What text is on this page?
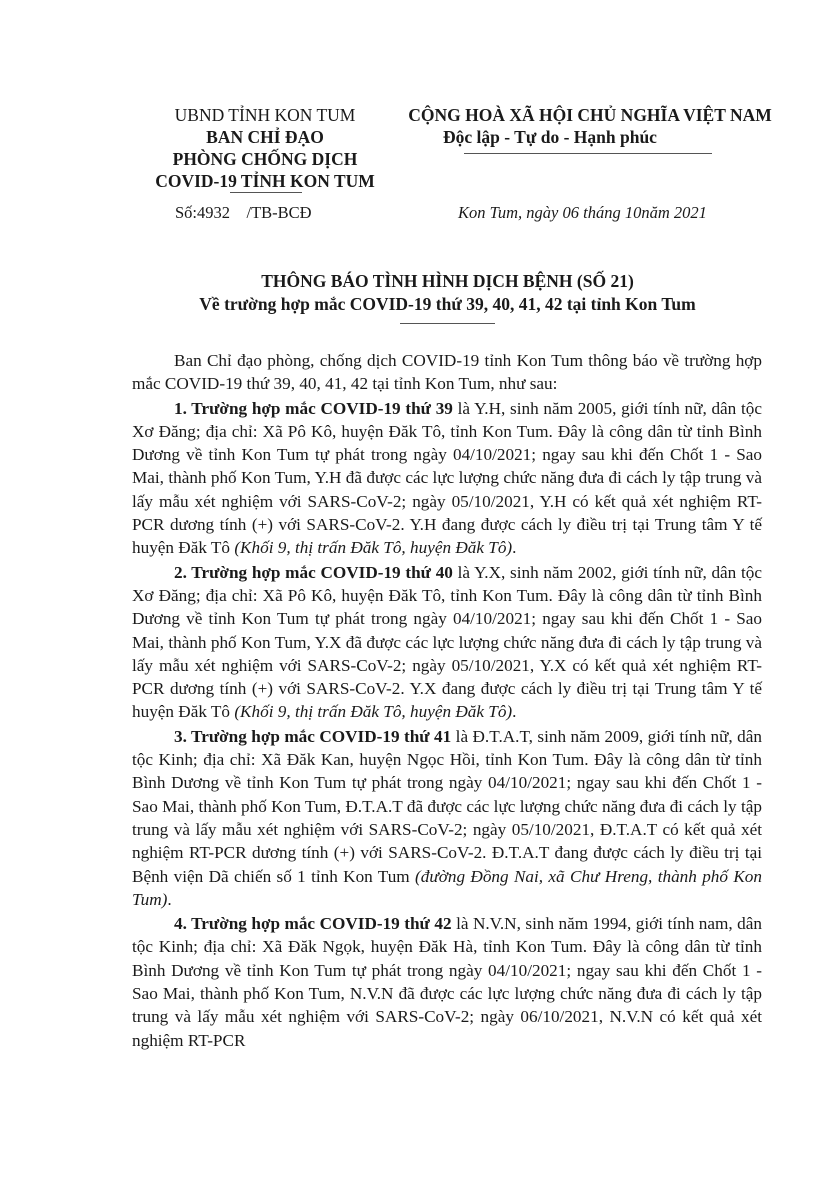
UBND TỈNH KON TUM
BAN CHỈ ĐẠO
PHÒNG CHỐNG DỊCH
COVID-19 TỈNH KON TUM
CỘNG HOÀ XÃ HỘI CHỦ NGHĨA VIỆT NAM
Độc lập - Tự do - Hạnh phúc
Số:4932    /TB-BCĐ	Kon Tum, ngày 06 tháng 10năm 2021
THÔNG BÁO TÌNH HÌNH DỊCH BỆNH (SỐ 21)
Về trường hợp mắc COVID-19 thứ 39, 40, 41, 42 tại tỉnh Kon Tum

Ban Chỉ đạo phòng, chống dịch COVID-19 tỉnh Kon Tum thông báo về trường hợp mắc COVID-19 thứ 39, 40, 41, 42 tại tỉnh Kon Tum, như sau:

1. Trường hợp mắc COVID-19 thứ 39 là Y.H, sinh năm 2005, giới tính nữ, dân tộc Xơ Đăng; địa chỉ: Xã Pô Kô, huyện Đăk Tô, tỉnh Kon Tum. Đây là công dân từ tỉnh Bình Dương về tỉnh Kon Tum tự phát trong ngày 04/10/2021; ngay sau khi đến Chốt 1 - Sao Mai, thành phố Kon Tum, Y.H đã được các lực lượng chức năng đưa đi cách ly tập trung và lấy mẫu xét nghiệm với SARS-CoV-2; ngày 05/10/2021, Y.H có kết quả xét nghiệm RT-PCR dương tính (+) với SARS-CoV-2. Y.H đang được cách ly điều trị tại Trung tâm Y tế huyện Đăk Tô (Khối 9, thị trấn Đăk Tô, huyện Đăk Tô).

2. Trường hợp mắc COVID-19 thứ 40 là Y.X, sinh năm 2002, giới tính nữ, dân tộc Xơ Đăng; địa chỉ: Xã Pô Kô, huyện Đăk Tô, tỉnh Kon Tum. Đây là công dân từ tỉnh Bình Dương về tỉnh Kon Tum tự phát trong ngày 04/10/2021; ngay sau khi đến Chốt 1 - Sao Mai, thành phố Kon Tum, Y.X đã được các lực lượng chức năng đưa đi cách ly tập trung và lấy mẫu xét nghiệm với SARS-CoV-2; ngày 05/10/2021, Y.X có kết quả xét nghiệm RT-PCR dương tính (+) với SARS-CoV-2. Y.X đang được cách ly điều trị tại Trung tâm Y tế huyện Đăk Tô (Khối 9, thị trấn Đăk Tô, huyện Đăk Tô).

3. Trường hợp mắc COVID-19 thứ 41 là Đ.T.A.T, sinh năm 2009, giới tính nữ, dân tộc Kinh; địa chỉ: Xã Đăk Kan, huyện Ngọc Hồi, tỉnh Kon Tum. Đây là công dân từ tỉnh Bình Dương về tỉnh Kon Tum tự phát trong ngày 04/10/2021; ngay sau khi đến Chốt 1 - Sao Mai, thành phố Kon Tum, Đ.T.A.T đã được các lực lượng chức năng đưa đi cách ly tập trung và lấy mẫu xét nghiệm với SARS-CoV-2; ngày 05/10/2021, Đ.T.A.T có kết quả xét nghiệm RT-PCR dương tính (+) với SARS-CoV-2. Đ.T.A.T đang được cách ly điều trị tại Bệnh viện Dã chiến số 1 tỉnh Kon Tum (đường Đồng Nai, xã Chư Hreng, thành phố Kon Tum).

4. Trường hợp mắc COVID-19 thứ 42 là N.V.N, sinh năm 1994, giới tính nam, dân tộc Kinh; địa chỉ: Xã Đăk Ngọk, huyện Đăk Hà, tỉnh Kon Tum. Đây là công dân từ tỉnh Bình Dương về tỉnh Kon Tum tự phát trong ngày 04/10/2021; ngay sau khi đến Chốt 1 - Sao Mai, thành phố Kon Tum, N.V.N đã được các lực lượng chức năng đưa đi cách ly tập trung và lấy mẫu xét nghiệm với SARS-CoV-2; ngày 06/10/2021, N.V.N có kết quả xét nghiệm RT-PCR
